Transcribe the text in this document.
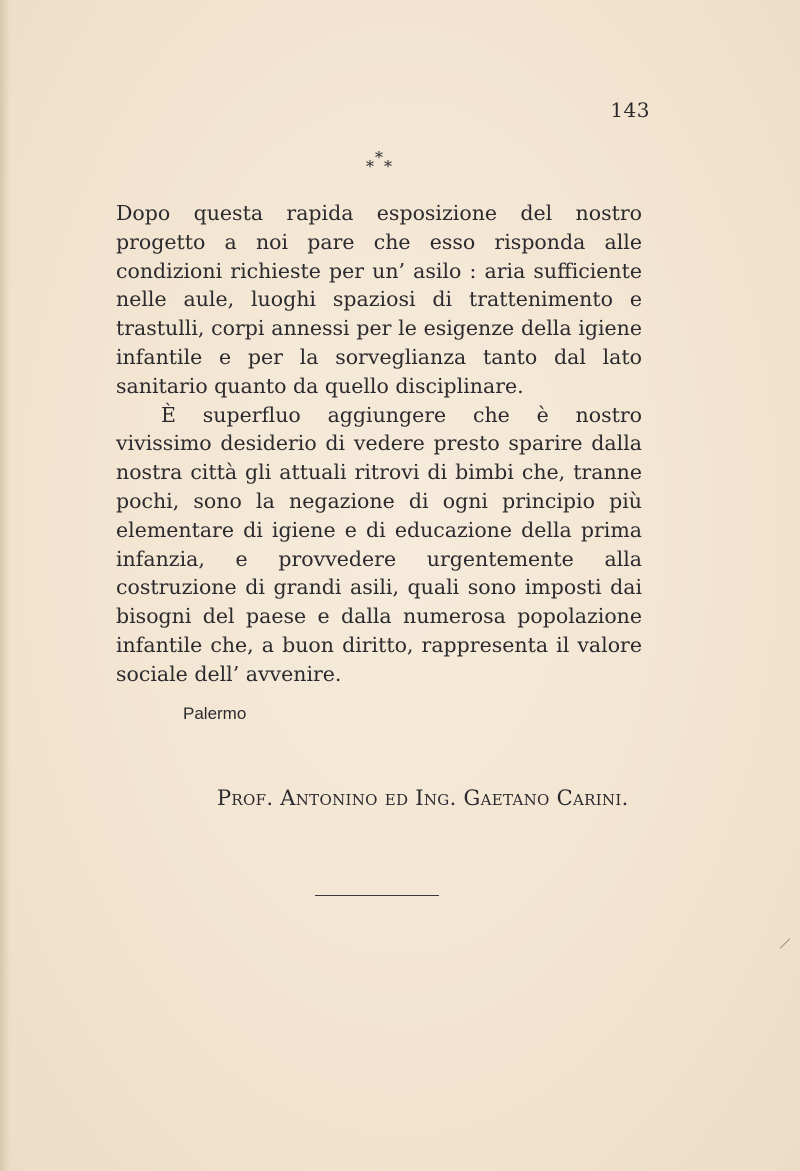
143
*
* *

Dopo questa rapida esposizione del nostro progetto a noi pare che esso risponda alle condizioni richieste per un’ asilo : aria sufficiente nelle aule, luoghi spaziosi di trattenimento e trastulli, corpi annessi per le esigenze della igiene infantile e per la sorveglianza tanto dal lato sanitario quanto da quello disciplinare.

È superfluo aggiungere che è nostro vivissimo desiderio di vedere presto sparire dalla nostra città gli attuali ritrovi di bimbi che, tranne pochi, sono la negazione di ogni principio più elementare di igiene e di educazione della prima infanzia, e provvedere urgentemente alla costruzione di grandi asili, quali sono imposti dai bisogni del paese e dalla numerosa popolazione infantile che, a buon diritto, rappresenta il valore sociale dell’ avvenire.

Palermo
Prof. Antonino ed Ing. Gaetano Carini.
